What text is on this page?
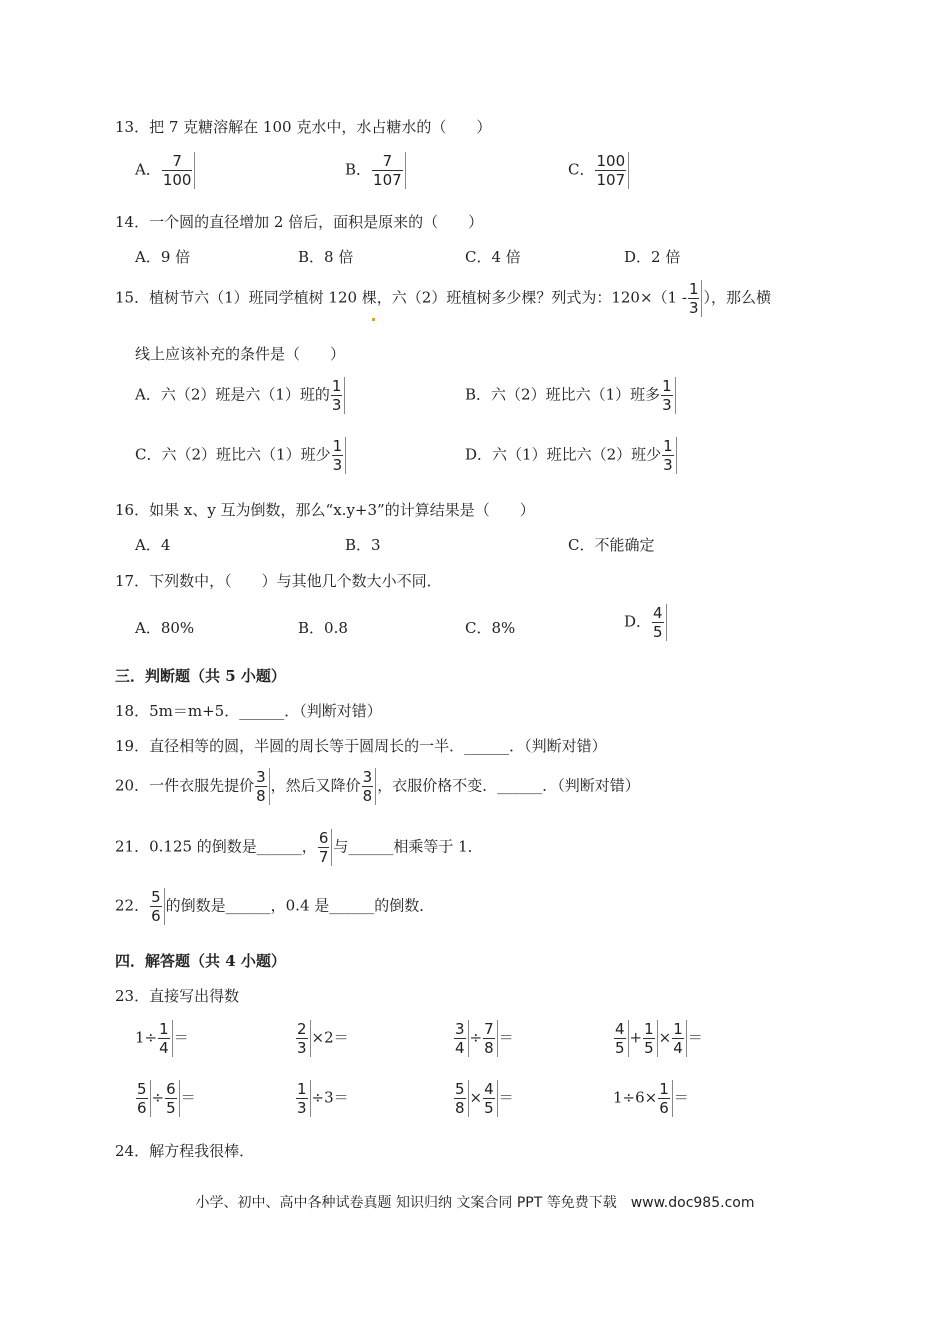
13．把 7 克糖溶解在 100 克水中，水占糖水的（　　）
A． $\frac{7}{100}$	B． $\frac{7}{107}$	C． $\frac{100}{107}$
14．一个圆的直径增加 2 倍后，面积是原来的（　　）
A．9 倍	B．8 倍	C．4 倍	D．2 倍
15．植树节六（1）班同学植树 120 棵，六（2）班植树多少棵？列式为：$120\times(1 - \frac{1}{3}$ ），那么横
线上应该补充的条件是（　　）
A．六（2）班是六（1）班的 $\frac{1}{3}$	B．六（2）班比六（1）班多 $\frac{1}{3}$
C．六（2）班比六（1）班少 $\frac{1}{3}$	D．六（1）班比六（2）班少 $\frac{1}{3}$
16．如果 x、y 互为倒数，那么“x.y+3”的计算结果是（　　）
A．4	B．3	C．不能确定
17．下列数中，（　　）与其他几个数大小不同．
A．80%	B．0.8	C．8%	D． $\frac{4}{5}$
三．判断题（共 5 小题）
18．5m＝m+5．______．（判断对错）
19．直径相等的圆，半圆的周长等于圆周长的一半．______．（判断对错）
20．一件衣服先提价 $\frac{3}{8}$ ，然后又降价 $\frac{3}{8}$ ，衣服价格不变．______．（判断对错）
21．0.125 的倒数是______， $\frac{6}{7}$ 与______相乘等于 1．
22． $\frac{5}{6}$ 的倒数是______，0.4 是______的倒数．
四．解答题（共 4 小题）
23．直接写出得数
$1\div \frac{1}{4}$ ＝	$\frac{2}{3} \times 2=$	$\frac{3}{4} \div \frac{7}{8}$ ＝	$\frac{4}{5} + \frac{1}{5} \times \frac{1}{4}$ ＝
$\frac{5}{6} \div \frac{6}{5}$ ＝	$\frac{1}{3} \div 3=$	$\frac{5}{8} \times \frac{4}{5}$ ＝	$1\div 6\times \frac{1}{6}$ ＝
24．解方程我很棒．
小学、初中、高中各种试卷真题 知识归纳 文案合同 PPT 等免费下载　www.doc985.com
